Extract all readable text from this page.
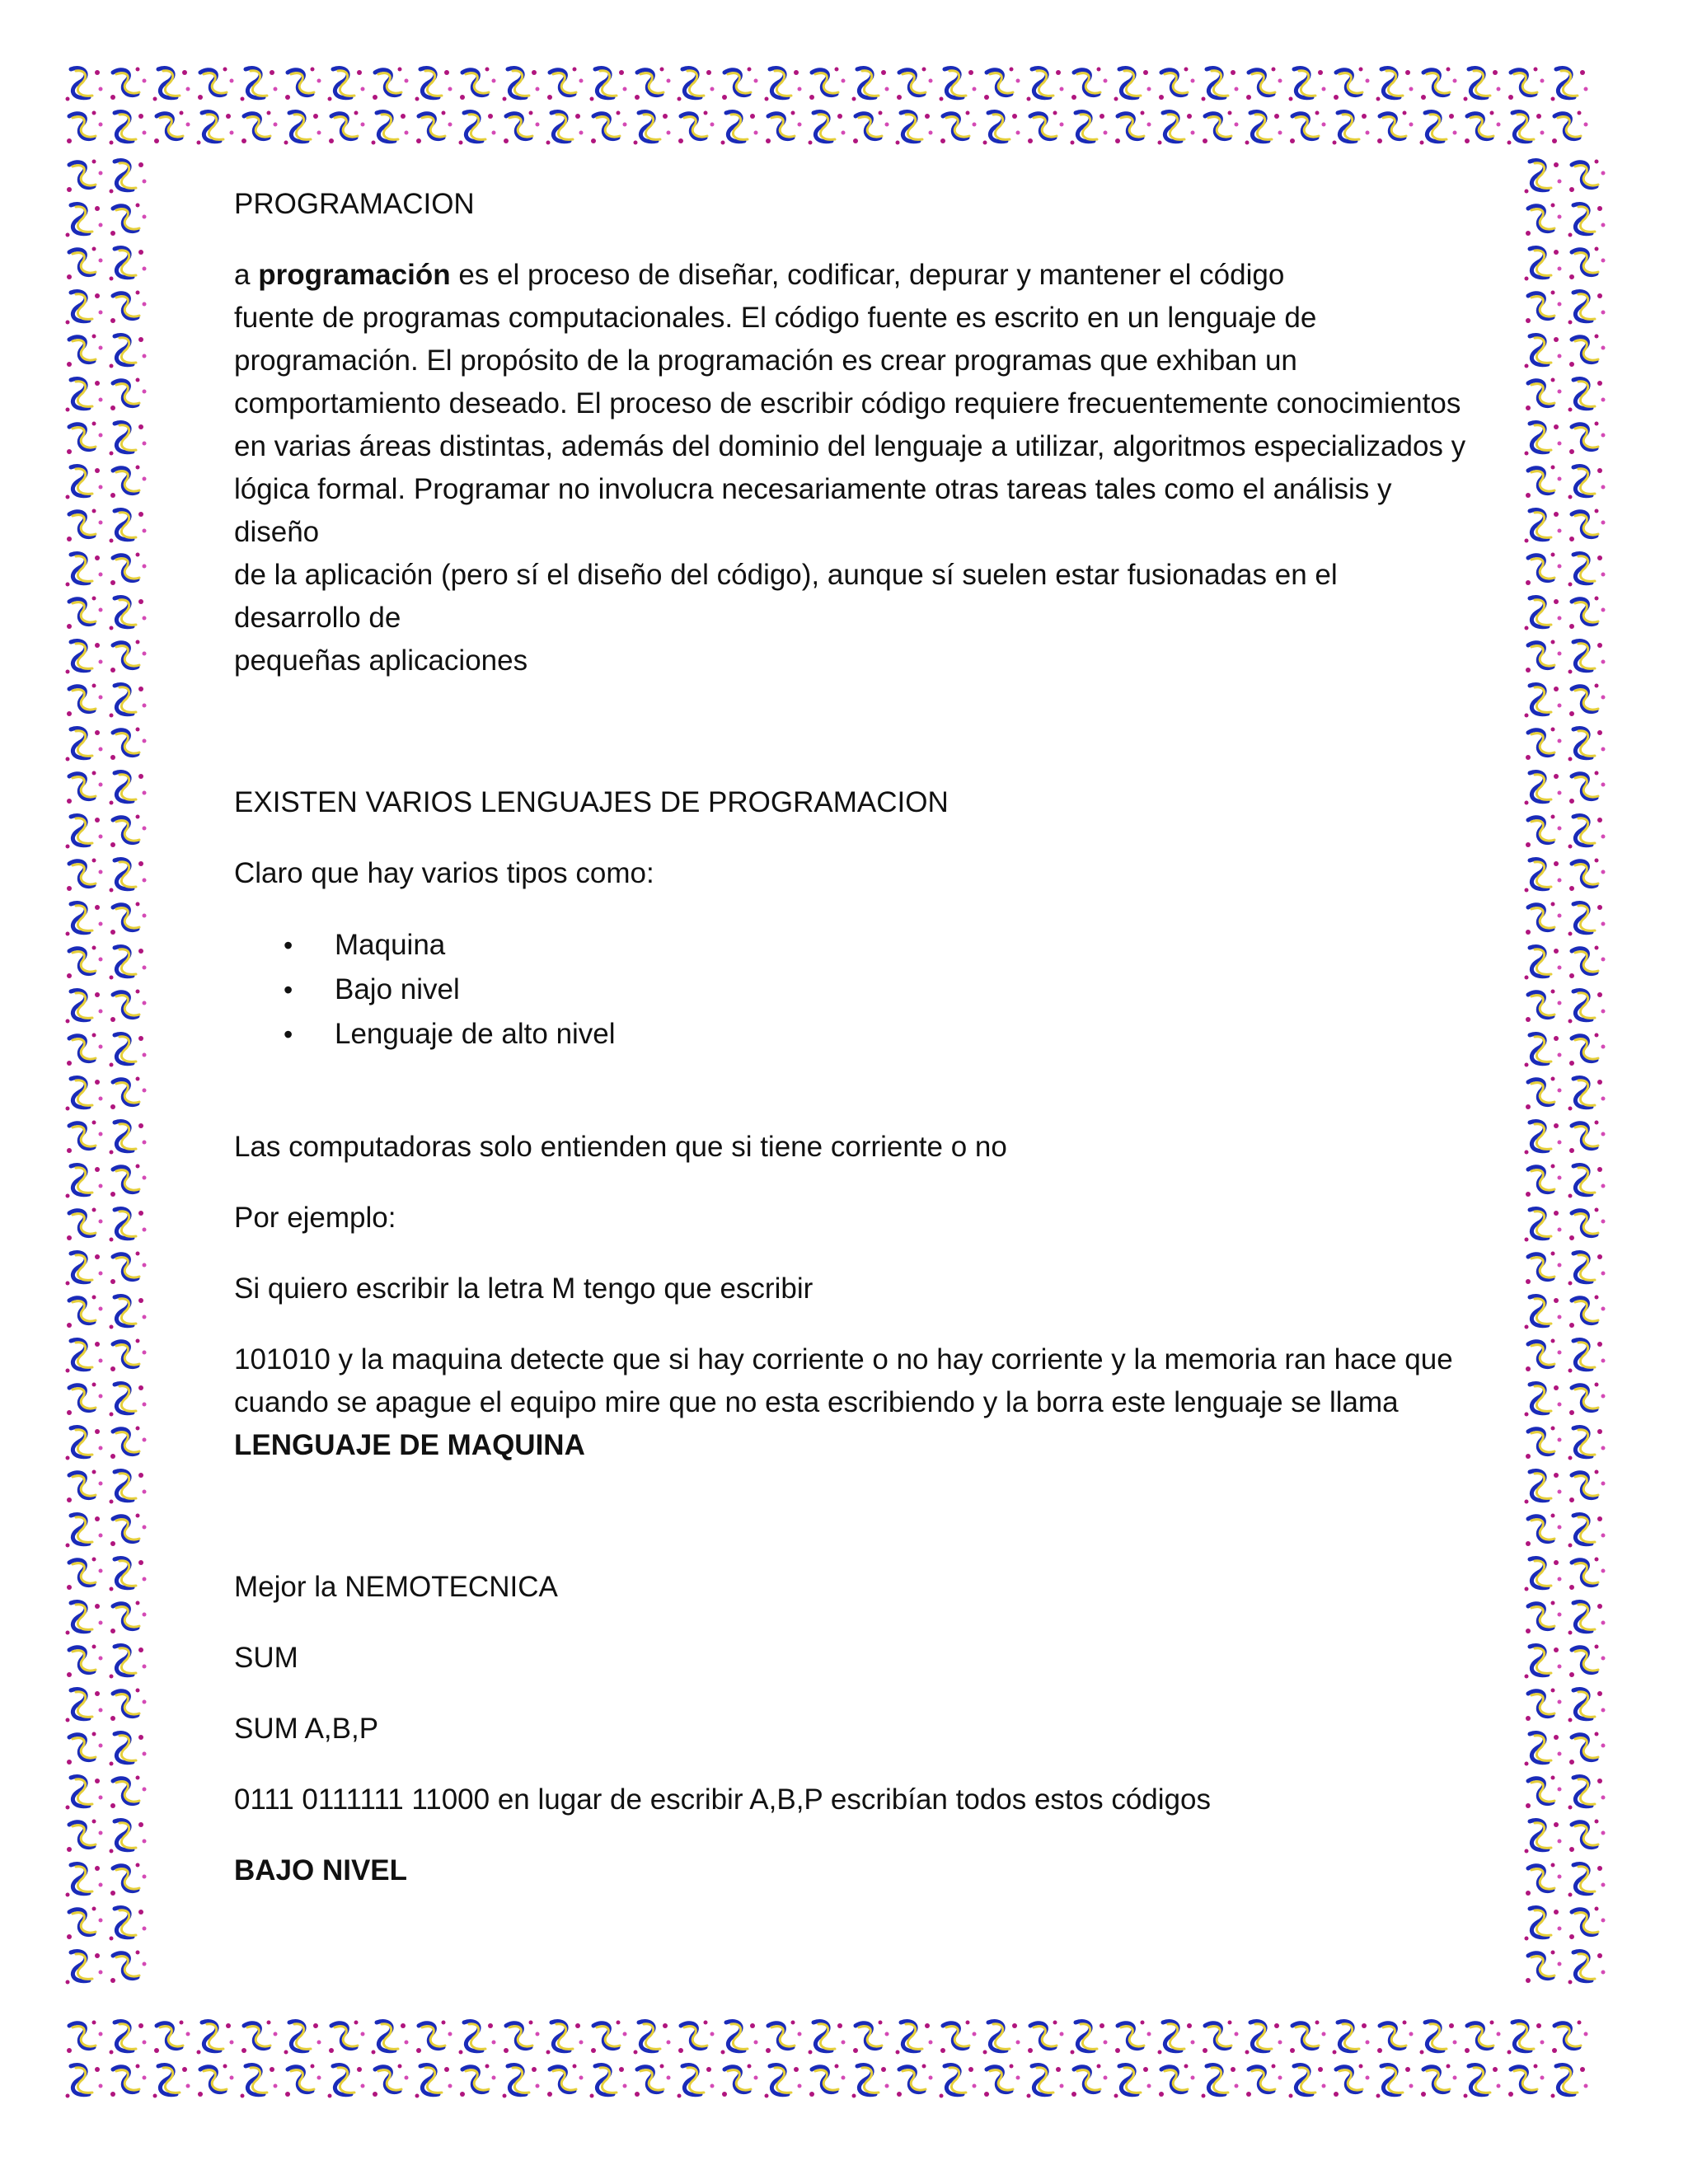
PROGRAMACION

a programación es el proceso de diseñar, codificar, depurar y mantener el código
fuente de programas computacionales. El código fuente es escrito en un lenguaje de
programación. El propósito de la programación es crear programas que exhiban un
comportamiento deseado. El proceso de escribir código requiere frecuentemente conocimientos
en varias áreas distintas, además del dominio del lenguaje a utilizar, algoritmos especializados y
lógica formal. Programar no involucra necesariamente otras tareas tales como el análisis y diseño
de la aplicación (pero sí el diseño del código), aunque sí suelen estar fusionadas en el desarrollo de
pequeñas aplicaciones

EXISTEN VARIOS LENGUAJES DE PROGRAMACION

Claro que hay varios tipos como:

• Maquina
• Bajo nivel
• Lenguaje de alto nivel

Las computadoras solo entienden que si tiene corriente o no

Por ejemplo:

Si quiero escribir la letra M tengo que escribir

101010 y la maquina detecte que si hay corriente o no hay corriente y la memoria ran hace que
cuando se apague el equipo mire que no esta escribiendo y la borra este lenguaje se llama
LENGUAJE DE MAQUINA

Mejor la NEMOTECNICA

SUM

SUM A,B,P

0111 0111111 11000 en lugar de escribir A,B,P escribían todos estos códigos

BAJO NIVEL
